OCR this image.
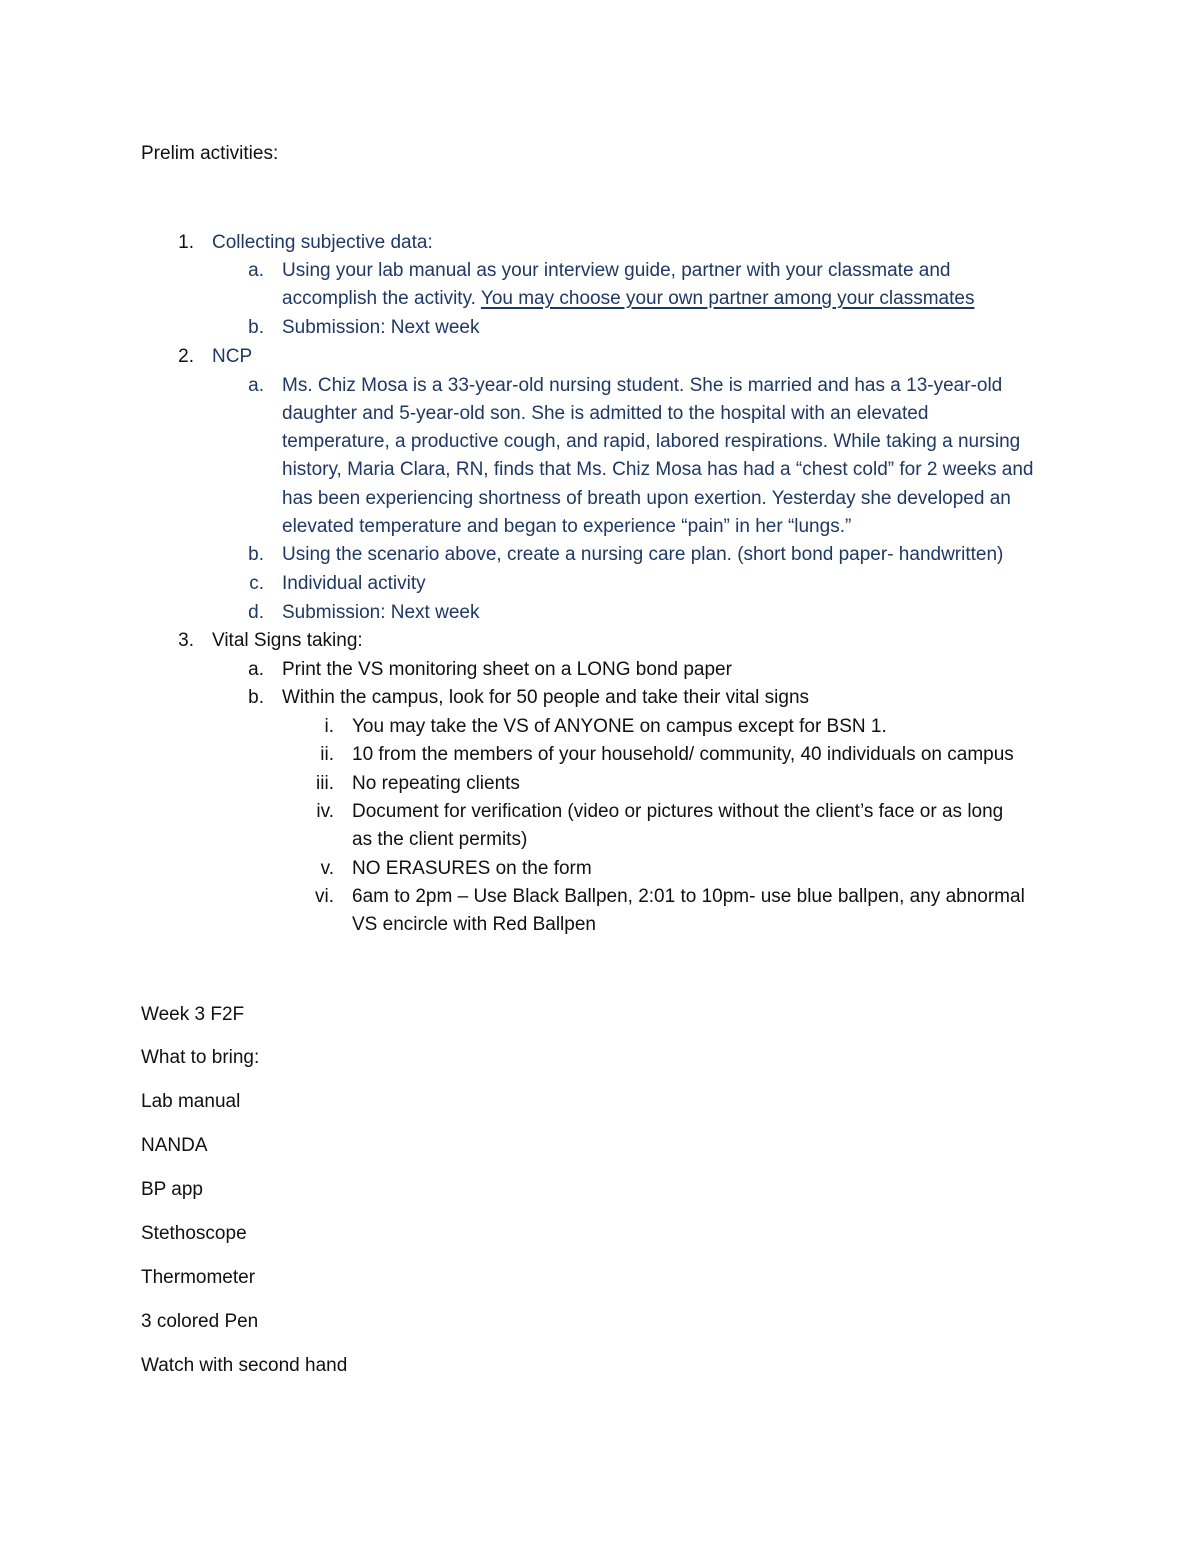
Prelim activities:
1. Collecting subjective data:
a. Using your lab manual as your interview guide, partner with your classmate and
accomplish the activity. You may choose your own partner among your classmates
b. Submission: Next week
2. NCP
a. Ms. Chiz Mosa is a 33-year-old nursing student. She is married and has a 13-year-old
daughter and 5-year-old son. She is admitted to the hospital with an elevated
temperature, a productive cough, and rapid, labored respirations. While taking a nursing
history, Maria Clara, RN, finds that Ms. Chiz Mosa has had a “chest cold” for 2 weeks and
has been experiencing shortness of breath upon exertion. Yesterday she developed an
elevated temperature and began to experience “pain” in her “lungs.”
b. Using the scenario above, create a nursing care plan. (short bond paper- handwritten)
c. Individual activity
d. Submission: Next week
3. Vital Signs taking:
a. Print the VS monitoring sheet on a LONG bond paper
b. Within the campus, look for 50 people and take their vital signs
i. You may take the VS of ANYONE on campus except for BSN 1.
ii. 10 from the members of your household/ community, 40 individuals on campus
iii. No repeating clients
iv. Document for verification (video or pictures without the client’s face or as long
as the client permits)
v. NO ERASURES on the form
vi. 6am to 2pm – Use Black Ballpen, 2:01 to 10pm- use blue ballpen, any abnormal
VS encircle with Red Ballpen
Week 3 F2F
What to bring:
Lab manual
NANDA
BP app
Stethoscope
Thermometer
3 colored Pen
Watch with second hand
